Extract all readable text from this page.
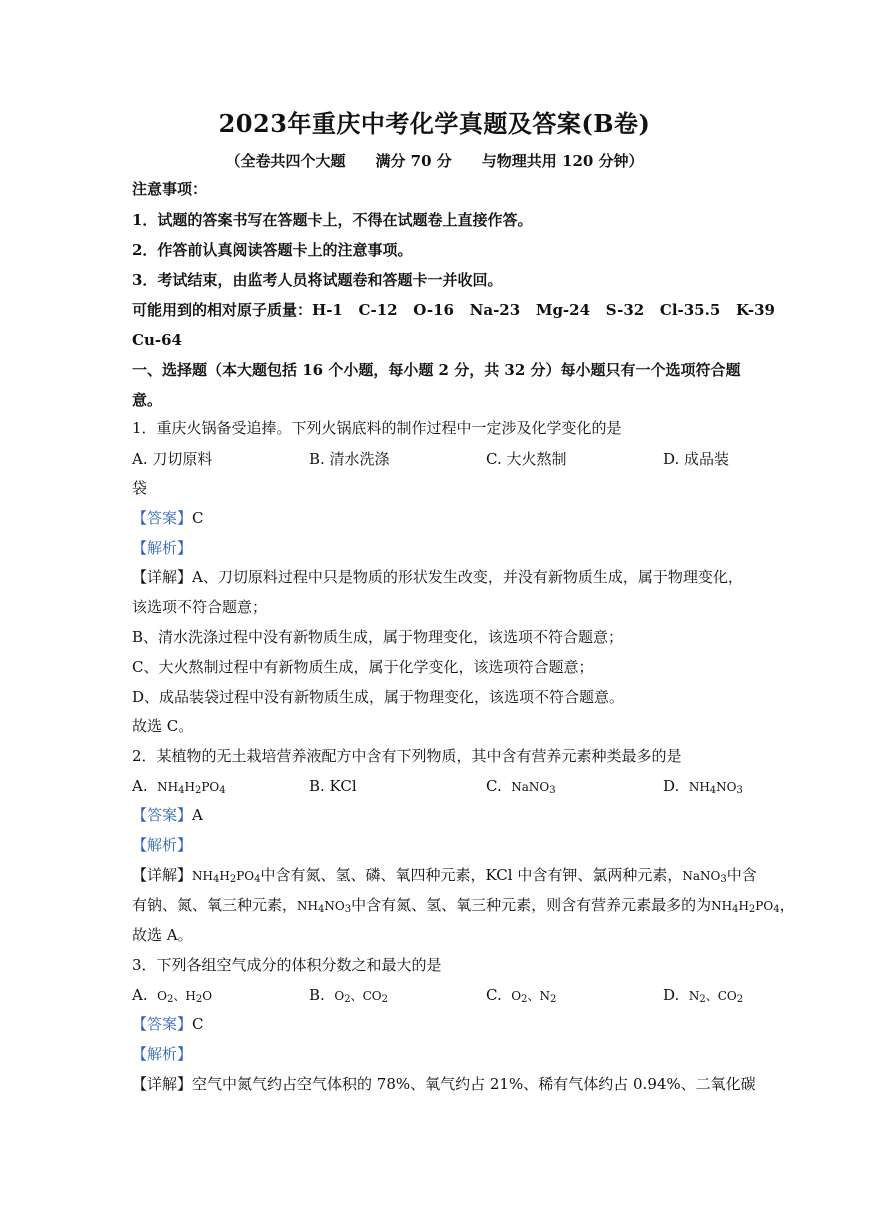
2023年重庆中考化学真题及答案(B卷)
（全卷共四个大题 满分 70 分 与物理共用 120 分钟）
注意事项：
1．试题的答案书写在答题卡上，不得在试题卷上直接作答。
2．作答前认真阅读答题卡上的注意事项。
3．考试结束，由监考人员将试题卷和答题卡一并收回。
可能用到的相对原子质量：H-1 C-12 O-16 Na-23 Mg-24 S-32 Cl-35.5 K-39
Cu-64
一、选择题（本大题包括 16 个小题，每小题 2 分，共 32 分）每小题只有一个选项符合题
意。
1．重庆火锅备受追捧。下列火锅底料的制作过程中一定涉及化学变化的是
A. 刀切原料	B. 清水洗涤	C. 大火熬制	D. 成品装
袋
【答案】C
【解析】
【详解】A、刀切原料过程中只是物质的形状发生改变，并没有新物质生成，属于物理变化，
该选项不符合题意；
B、清水洗涤过程中没有新物质生成，属于物理变化，该选项不符合题意；
C、大火熬制过程中有新物质生成，属于化学变化，该选项符合题意；
D、成品装袋过程中没有新物质生成，属于物理变化，该选项不符合题意。
故选 C。
2．某植物的无土栽培营养液配方中含有下列物质，其中含有营养元素种类最多的是
A. $NH_4H_2PO_4$	B. KCl	C. NaNO$_3$	D. $NH_4NO_3$
【答案】A
【解析】
【详解】$NH_4H_2PO_4$中含有氮、氢、磷、氧四种元素，KCl 中含有钾、氯两种元素，NaNO$_3$中含
有钠、氮、氧三种元素，$NH_4NO_3$中含有氮、氢、氧三种元素，则含有营养元素最多的为$NH_4H_2PO_4$，
故选 A。
3．下列各组空气成分的体积分数之和最大的是
A. $O_2$、$H_2O$	B. $O_2$、$CO_2$	C. $O_2$、$N_2$	D. $N_2$、$CO_2$
【答案】C
【解析】
【详解】空气中氮气约占空气体积的 78%、氧气约占 21%、稀有气体约占 0.94%、二氧化碳
